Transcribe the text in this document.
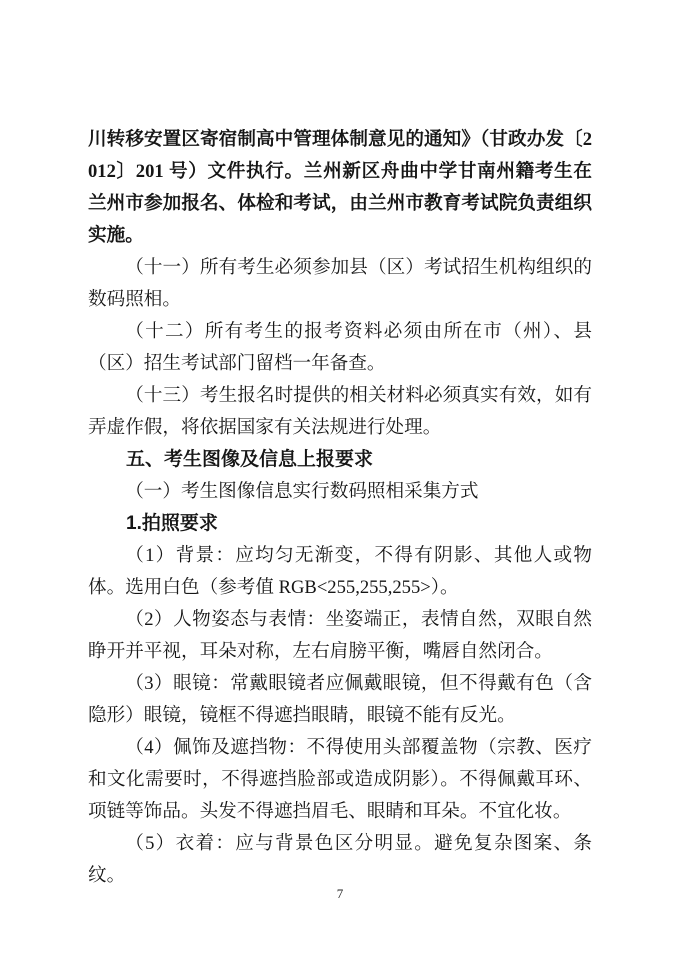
川转移安置区寄宿制高中管理体制意见的通知》（甘政办发〔2012〕201 号）文件执行。兰州新区舟曲中学甘南州籍考生在兰州市参加报名、体检和考试，由兰州市教育考试院负责组织实施。

（十一）所有考生必须参加县（区）考试招生机构组织的数码照相。

（十二）所有考生的报考资料必须由所在市（州）、县（区）招生考试部门留档一年备查。

（十三）考生报名时提供的相关材料必须真实有效，如有弄虚作假，将依据国家有关法规进行处理。

五、考生图像及信息上报要求

（一）考生图像信息实行数码照相采集方式

1.拍照要求

（1）背景：应均匀无渐变，不得有阴影、其他人或物体。选用白色（参考值 RGB<255,255,255>）。

（2）人物姿态与表情：坐姿端正，表情自然，双眼自然睁开并平视，耳朵对称，左右肩膀平衡，嘴唇自然闭合。

（3）眼镜：常戴眼镜者应佩戴眼镜，但不得戴有色（含隐形）眼镜，镜框不得遮挡眼睛，眼镜不能有反光。

（4）佩饰及遮挡物：不得使用头部覆盖物（宗教、医疗和文化需要时，不得遮挡脸部或造成阴影）。不得佩戴耳环、项链等饰品。头发不得遮挡眉毛、眼睛和耳朵。不宜化妆。

（5）衣着：应与背景色区分明显。避免复杂图案、条纹。

7
